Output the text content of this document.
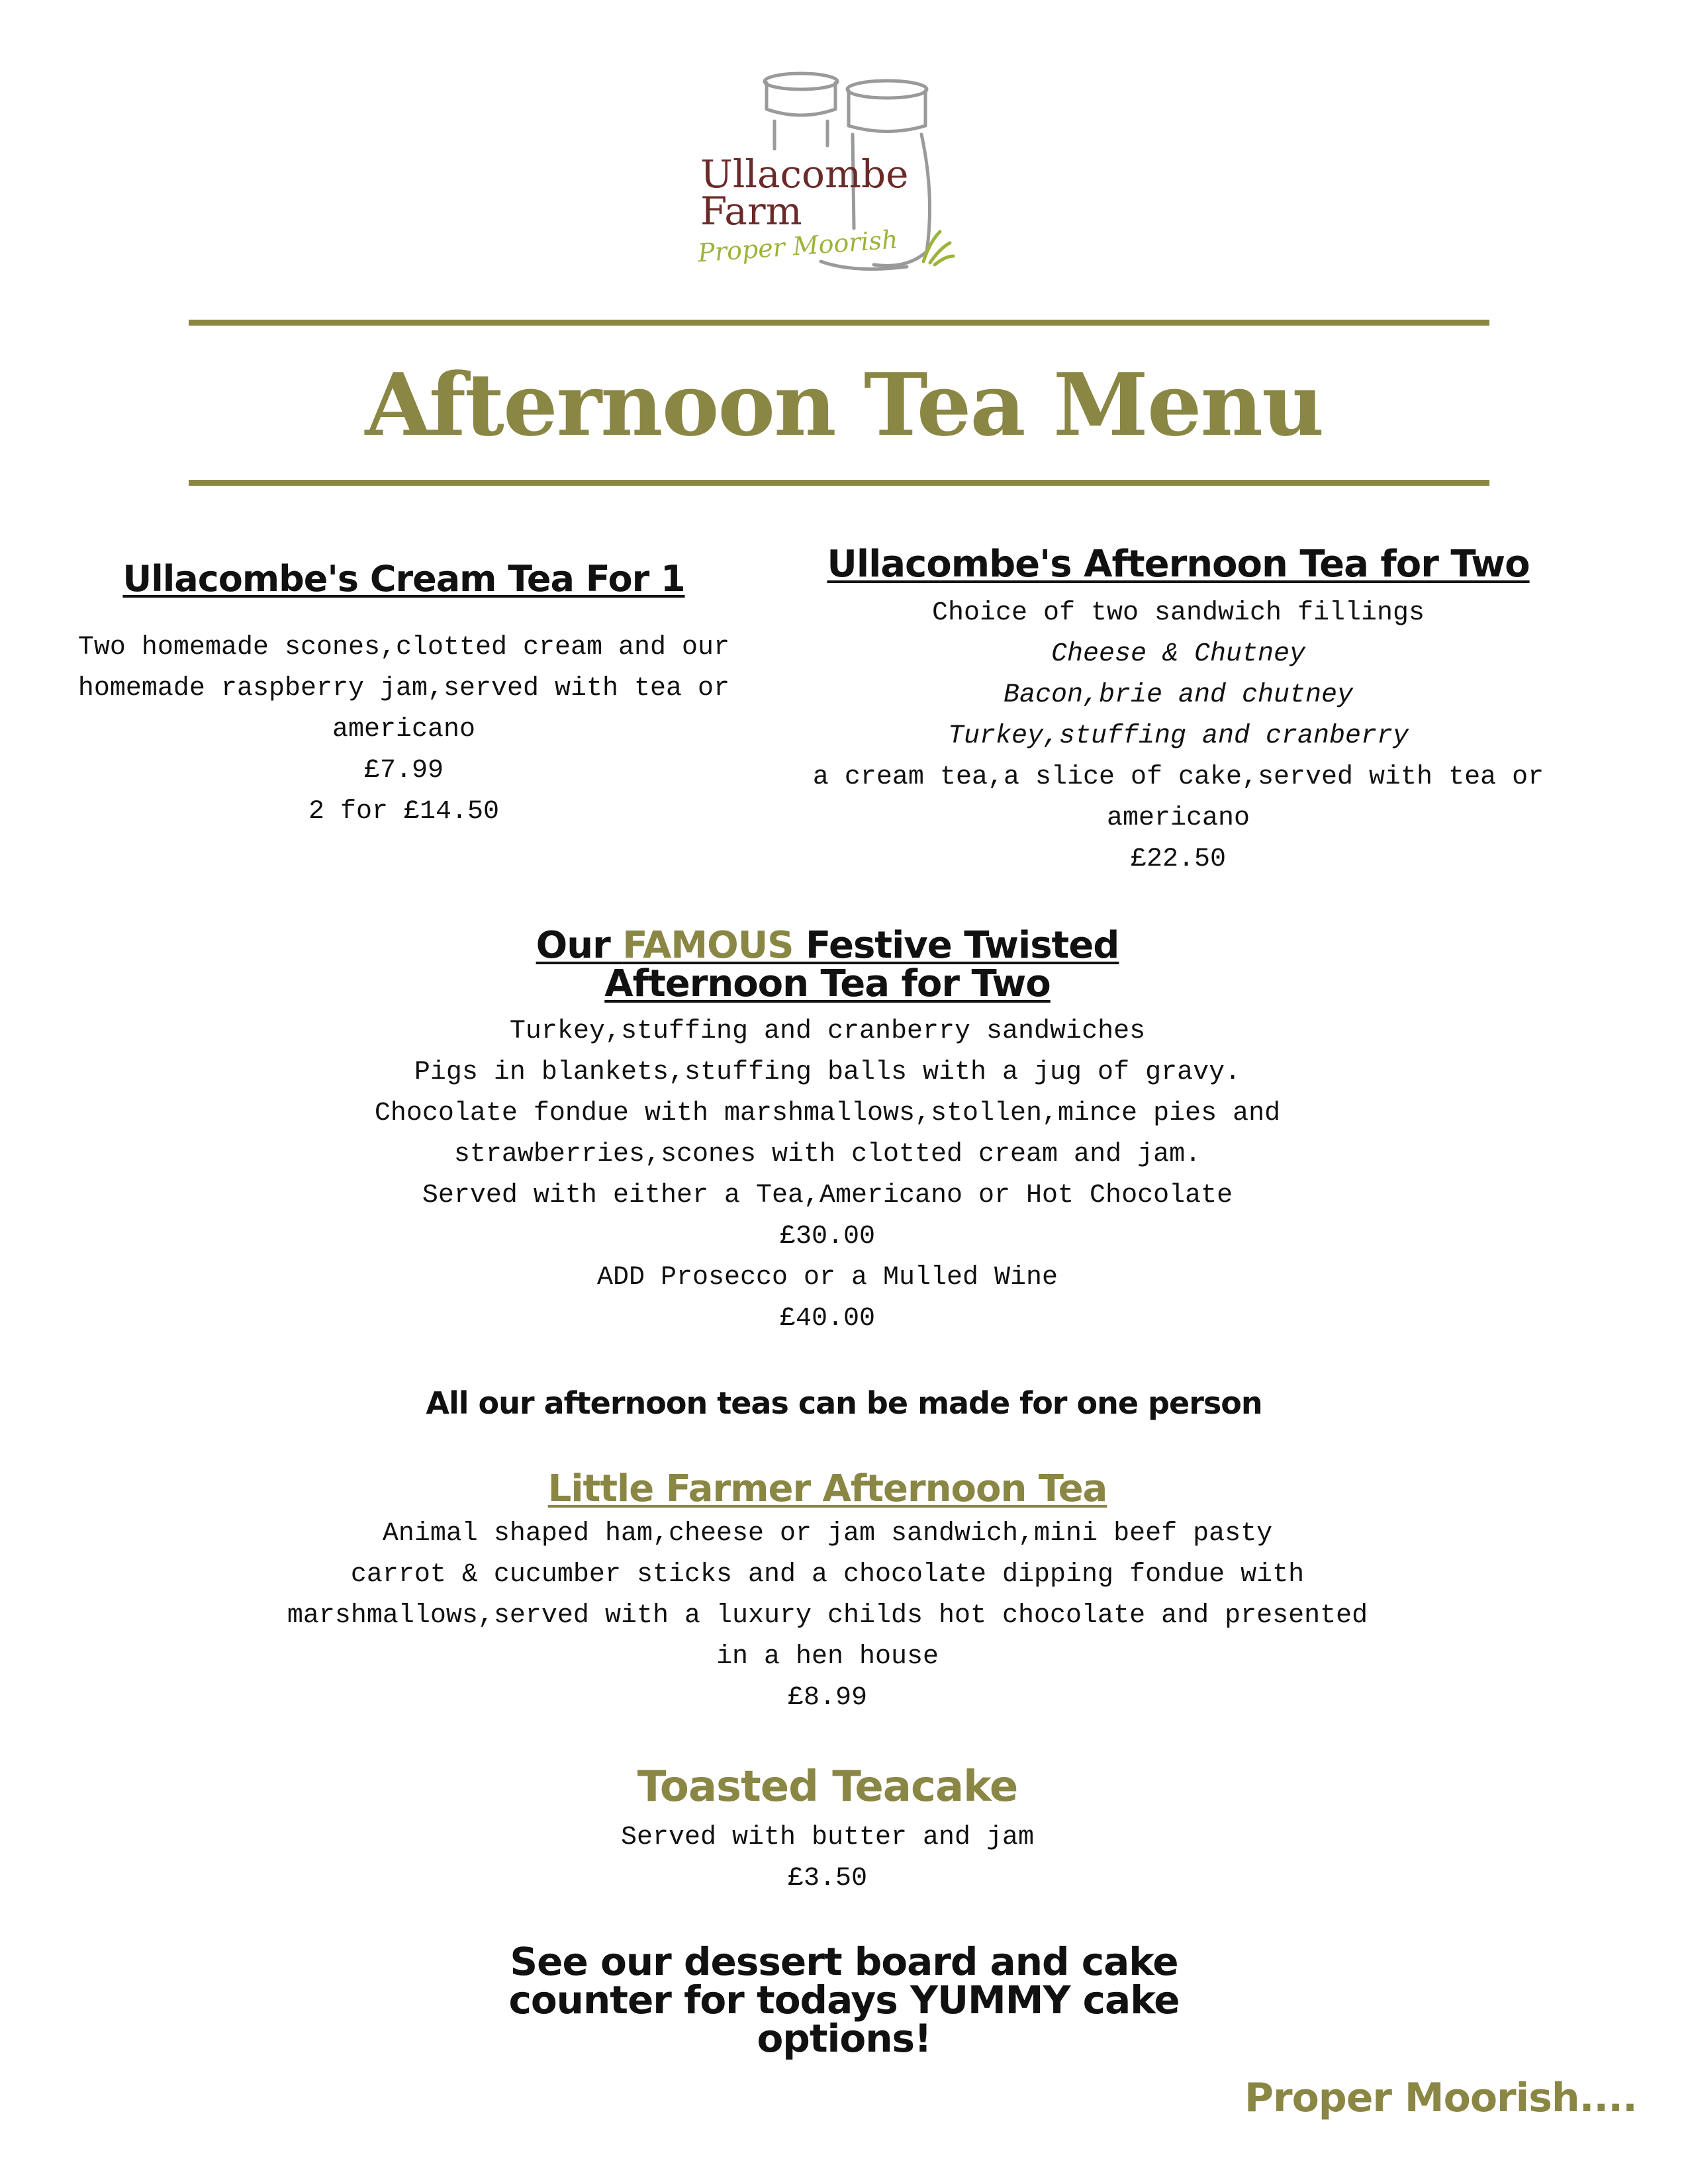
Ullacombe
Farm
Proper Moorish
Afternoon Tea Menu
Ullacombe's Cream Tea For 1
Two homemade scones,clotted cream and our
homemade raspberry jam,served with tea or
americano
£7.99
2 for £14.50
Ullacombe's Afternoon Tea for Two
Choice of two sandwich fillings
Cheese & Chutney
Bacon,brie and chutney
Turkey,stuffing and cranberry
a cream tea,a slice of cake,served with tea or
americano
£22.50
Our FAMOUS Festive Twisted
Afternoon Tea for Two
Turkey,stuffing and cranberry sandwiches
Pigs in blankets,stuffing balls with a jug of gravy.
Chocolate fondue with marshmallows,stollen,mince pies and
strawberries,scones with clotted cream and jam.
Served with either a Tea,Americano or Hot Chocolate
£30.00
ADD Prosecco or a Mulled Wine
£40.00
All our afternoon teas can be made for one person
Little Farmer Afternoon Tea
Animal shaped ham,cheese or jam sandwich,mini beef pasty
carrot & cucumber sticks and a chocolate dipping fondue with
marshmallows,served with a luxury childs hot chocolate and presented
in a hen house
£8.99
Toasted Teacake
Served with butter and jam
£3.50
See our dessert board and cake
counter for todays YUMMY cake
options!
Proper Moorish....
